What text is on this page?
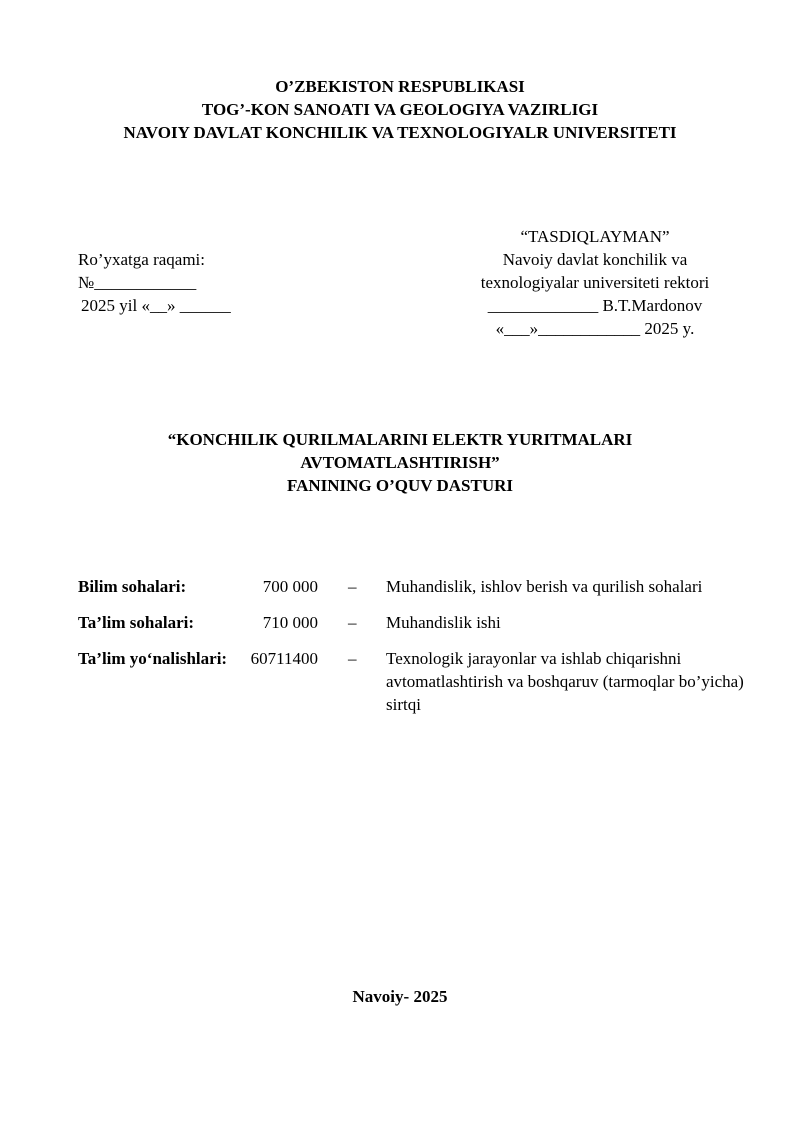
O’ZBEKISTON RESPUBLIKASI
TOG’-KON SANOATI VA GEOLOGIYA VAZIRLIGI
NAVOIY DAVLAT KONCHILIK VA TEXNOLOGIYALR UNIVERSITETI
Ro’yxatga raqami:
№____________
2025 yil «__» ______
“TASDIQLAYMAN”
Navoiy davlat konchilik va
texnologiyalar universiteti rektori
_____________ B.T.Mardonov
«___»____________ 2025 y.
“KONCHILIK QURILMALARINI ELEKTR YURITMALARI
AVTOMATLASHTIRISH”
FANINING O’QUV DASTURI
Bilim sohalari:	700 000 –	Muhandislik, ishlov berish va qurilish sohalari
Ta’lim sohalari:	710 000 –	Muhandislik ishi
Ta’lim yo‘nalishlari:	60711400 –	Texnologik jarayonlar va ishlab chiqarishni avtomatlashtirish va boshqaruv (tarmoqlar bo’yicha) sirtqi
Navoiy- 2025
